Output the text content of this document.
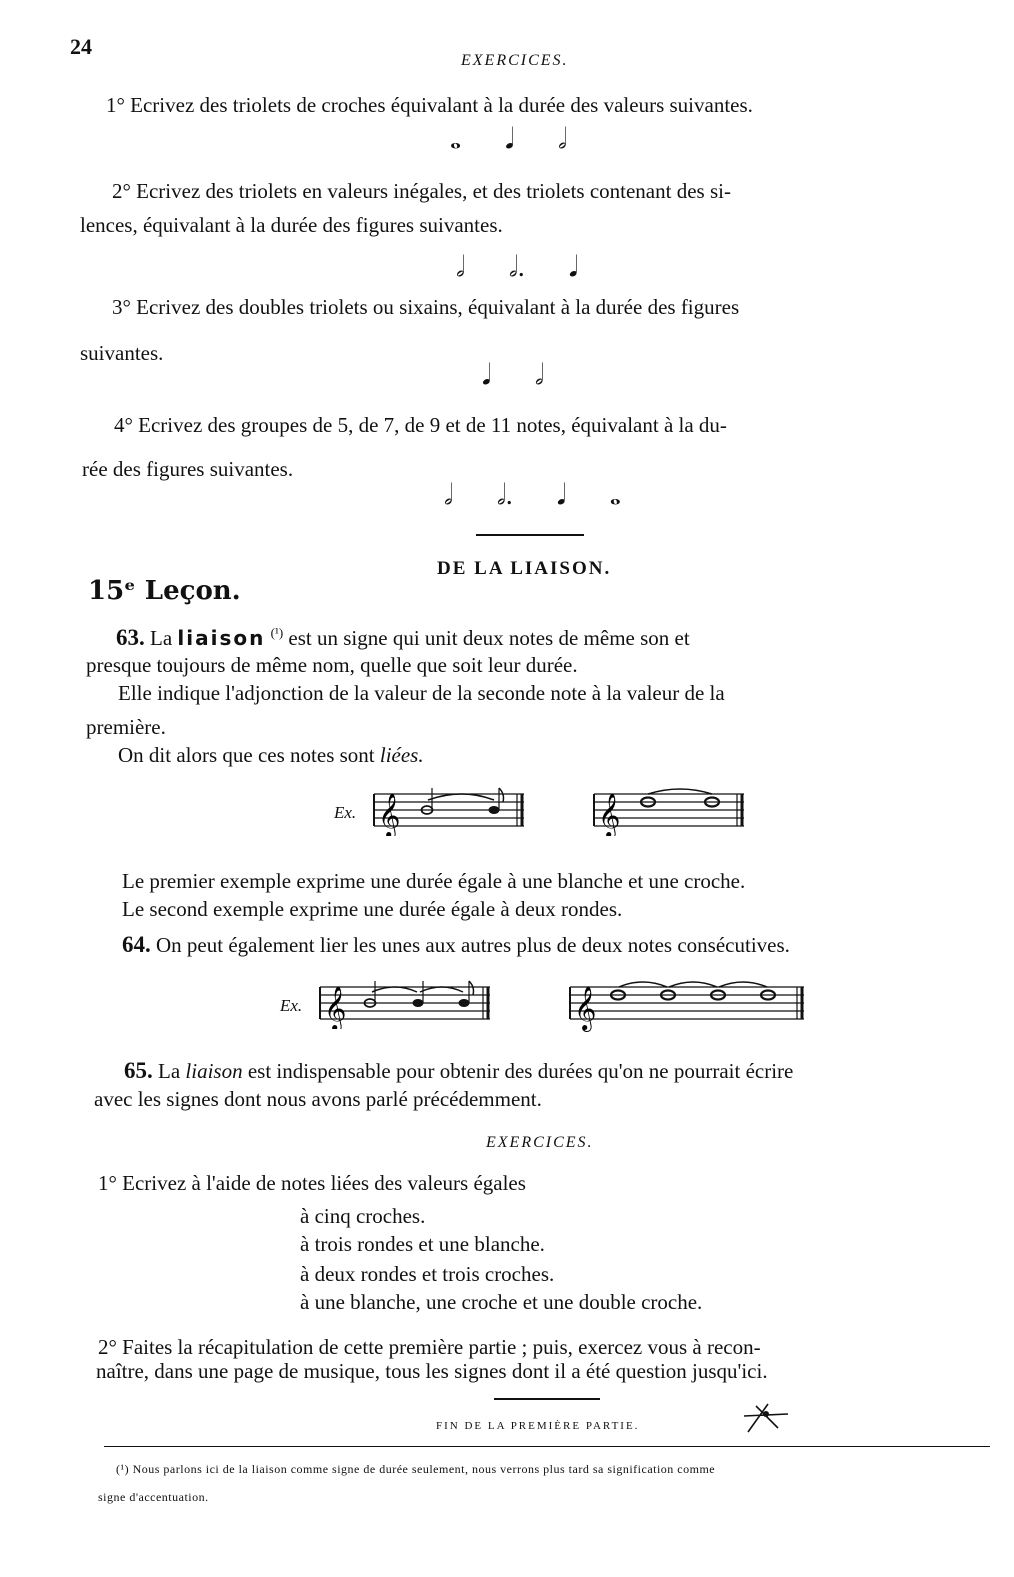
24
EXERCICES.
1° Ecrivez des triolets de croches équivalant à la durée des valeurs suivantes.
𝅝 𝅘𝅥 𝅗𝅥
2° Ecrivez des triolets en valeurs inégales, et des triolets contenant des si-
lences, équivalant à la durée des figures suivantes.
𝅗𝅥 𝅗𝅥. 𝅘𝅥
3° Ecrivez des doubles triolets ou sixains, équivalant à la durée des figures
suivantes.
𝅘𝅥 𝅗𝅥
4° Ecrivez des groupes de 5, de 7, de 9 et de 11 notes, équivalant à la du-
rée des figures suivantes.
𝅗𝅥 𝅗𝅥. 𝅘𝅥 𝅝
DE LA LIAISON.
15ᵉ Leçon.
63. La liaison $^{(^1)}$ est un signe qui unit deux notes de même son et
presque toujours de même nom, quelle que soit leur durée.
Elle indique l'adjonction de la valeur de la seconde note à la valeur de la
première.
On dit alors que ces notes sont liées.
Ex. 𝄞	𝄞
Le premier exemple exprime une durée égale à une blanche et une croche.
Le second exemple exprime une durée égale à deux rondes.
64. On peut également lier les unes aux autres plus de deux notes consécutives.
Ex. 𝄞	𝄞
65. La liaison est indispensable pour obtenir des durées qu'on ne pourrait écrire
avec les signes dont nous avons parlé précédemment.
EXERCICES.
1° Ecrivez à l'aide de notes liées des valeurs égales
à cinq croches.
à trois rondes et une blanche.
à deux rondes et trois croches.
à une blanche, une croche et une double croche.
2° Faites la récapitulation de cette première partie ; puis, exercez vous à recon-
naître, dans une page de musique, tous les signes dont il a été question jusqu'ici.
FIN DE LA PREMIÈRE PARTIE.
(¹) Nous parlons ici de la liaison comme signe de durée seulement, nous verrons plus tard sa signification comme
signe d'accentuation.
